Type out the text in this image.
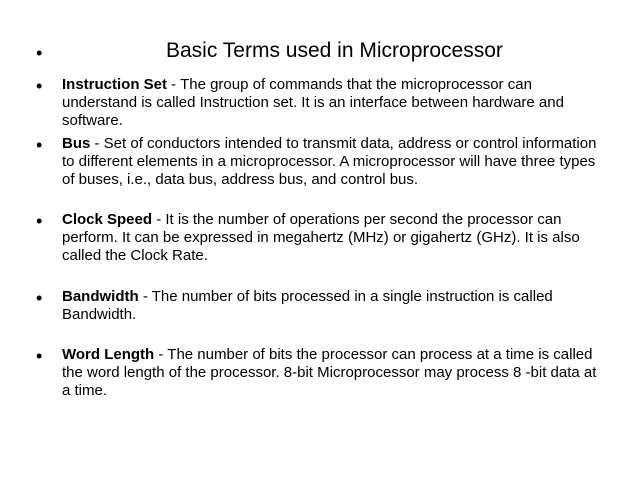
•	Basic Terms used in Microprocessor
• Instruction Set - The group of commands that the microprocessor can understand is called Instruction set. It is an interface between hardware and software.
• Bus - Set of conductors intended to transmit data, address or control information to different elements in a microprocessor. A microprocessor will have three types of buses, i.e., data bus, address bus, and control bus.
• Clock Speed - It is the number of operations per second the processor can perform. It can be expressed in megahertz (MHz) or gigahertz (GHz). It is also called the Clock Rate.
• Bandwidth - The number of bits processed in a single instruction is called Bandwidth.
• Word Length - The number of bits the processor can process at a time is called the word length of the processor. 8-bit Microprocessor may process 8 -bit data at a time.
